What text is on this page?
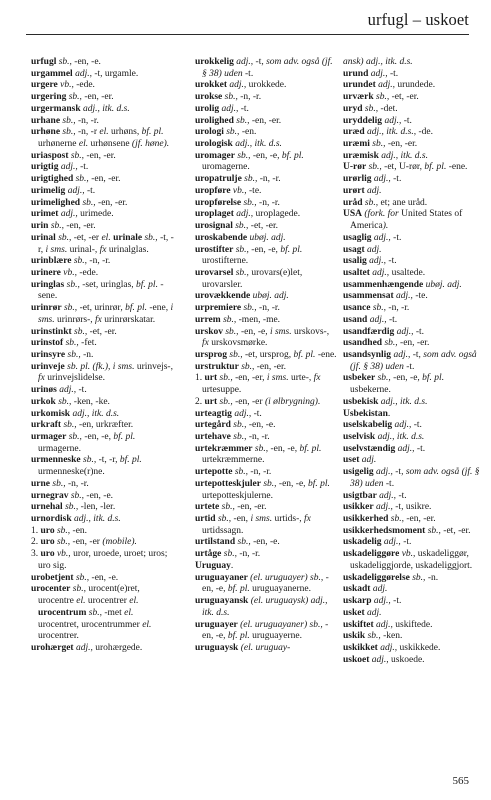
urfugl – uskoet
urfugl sb., -en, -e.
urgammel adj., -t, urgamle.
urgere vb., -ede.
urgering sb., -en, -er.
urgermansk adj., itk. d.s.
urhane sb., -n, -r.
urhøne sb., -n, -r el. urhøns, bf. pl. urhønerne el. urhønsene (jf. høne).
uriaspost sb., -en, -er.
urigtig adj., -t.
urigtighed sb., -en, -er.
urimelig adj., -t.
urimelighed sb., -en, -er.
urimet adj., urimede.
urin sb., -en, -er.
urinal sb., -et, -er el. urinale sb., -t, -r, i sms. urinal-, fx urinalglas.
urinblære sb., -n, -r.
urinere vb., -ede.
uringlas sb., -set, uringlas, bf. pl. -sene.
urinrør sb., -et, urinrør, bf. pl. -ene, i sms. urinrørs-, fx urinrørskatar.
urinstinkt sb., -et, -er.
urinstof sb., -fet.
urinsyre sb., -n.
urinveje sb. pl. (fk.), i sms. urinvejs-, fx urinvejslidelse.
urinøs adj., -t.
urkok sb., -ken, -ke.
urkomisk adj., itk. d.s.
urkraft sb., -en, urkræfter.
urmager sb., -en, -e, bf. pl. urmagerne.
urmenneske sb., -t, -r, bf. pl. urmenneske(r)ne.
urne sb., -n, -r.
urnegrav sb., -en, -e.
urnehal sb., -len, -ler.
urnordisk adj., itk. d.s.
1. uro sb., -en.
2. uro sb., -en, -er (mobile).
3. uro vb., uror, uroede, uroet; uros; uro sig.
urobetjent sb., -en, -e.
urocenter sb., urocent(e)ret, urocentre el. urocentrer el. urocentrum sb., -met el. urocentret, urocentrummer el. urocentrer.
urohærget adj., urohærgede.
urokkelig adj., -t, som adv. også (jf. § 38) uden -t.
urokket adj., urokkede.
urokse sb., -n, -r.
urolig adj., -t.
urolighed sb., -en, -er.
urologi sb., -en.
urologisk adj., itk. d.s.
uromager sb., -en, -e, bf. pl. uromagerne.
uropatrulje sb., -n, -r.
uropføre vb., -te.
uropførelse sb., -n, -r.
uroplaget adj., uroplagede.
urosignal sb., -et, -er.
uroskabende ubøj. adj.
urostifter sb., -en, -e, bf. pl. urostifterne.
urovarsel sb., urovars(e)let, urovarsler.
urovækkende ubøj. adj.
urpremiere sb., -n, -r.
urrem sb., -men, -me.
urskov sb., -en, -e, i sms. urskovs-, fx urskovsmørke.
ursprog sb., -et, ursprog, bf. pl. -ene.
urstruktur sb., -en, -er.
1. urt sb., -en, -er, i sms. urte-, fx urtesuppe.
2. urt sb., -en, -er (i ølbrygning).
urteagtig adj., -t.
urtegård sb., -en, -e.
urtehave sb., -n, -r.
urtekræmmer sb., -en, -e, bf. pl. urtekræmmerne.
urtepotte sb., -n, -r.
urtepotteskjuler sb., -en, -e, bf. pl. urtepotteskjulerne.
urtete sb., -en, -er.
urtid sb., -en, i sms. urtids-, fx urtidssagn.
urtilstand sb., -en, -e.
urtåge sb., -n, -r.
Uruguay.
uruguayaner (el. uruguayer) sb., -en, -e, bf. pl. uruguayanerne.
uruguayansk (el. uruguaysk) adj., itk. d.s.
uruguayer (el. uruguayaner) sb., -en, -e, bf. pl. uruguayerne.
uruguaysk (el. uruguay-
ansk) adj., itk. d.s.
urund adj., -t.
urundet adj., urundede.
urværk sb., -et, -er.
uryd sb., -det.
uryddelig adj., -t.
uræd adj., itk. d.s., -de.
uræmi sb., -en, -er.
uræmisk adj., itk. d.s.
U-rør sb., -et, U-rør, bf. pl. -ene.
urørlig adj., -t.
urørt adj.
uråd sb., et; ane uråd.
USA (fork. for United States of America).
usaglig adj., -t.
usagt adj.
usalig adj., -t.
usaltet adj., usaltede.
usammenhængende ubøj. adj.
usammensat adj., -te.
usance sb., -n, -r.
usand adj., -t.
usandfærdig adj., -t.
usandhed sb., -en, -er.
usandsynlig adj., -t, som adv. også (jf. § 38) uden -t.
usbeker sb., -en, -e, bf. pl. usbekerne.
usbekisk adj., itk. d.s.
Usbekistan.
uselskabelig adj., -t.
uselvisk adj., itk. d.s.
uselvstændig adj., -t.
uset adj.
usigelig adj., -t, som adv. også (jf. § 38) uden -t.
usigtbar adj., -t.
usikker adj., -t, usikre.
usikkerhed sb., -en, -er.
usikkerhedsmoment sb., -et, -er.
uskadelig adj., -t.
uskadeliggøre vb., uskadeliggør, uskadeliggjorde, uskadeliggjort.
uskadeliggørelse sb., -n.
uskadt adj.
uskarp adj., -t.
usket adj.
uskiftet adj., uskiftede.
uskik sb., -ken.
uskikket adj., uskikkede.
uskoet adj., uskoede.
565
